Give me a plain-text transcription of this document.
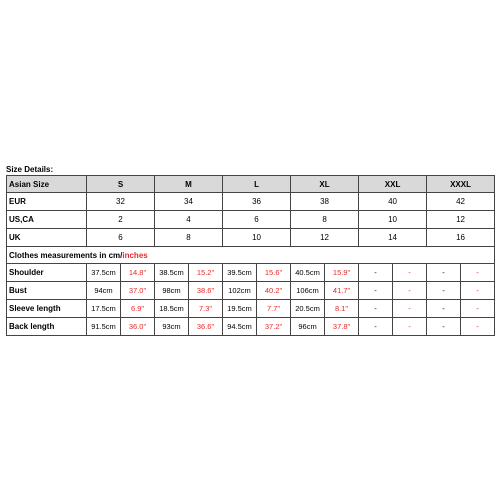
Size Details:
Asian Size	S		M		L		XL		XXL		XXXL	
EUR	32		34		36		38		40		42	
US,CA	2		4		6		8		10		12	
UK	6		8		10		12		14		16	
Clothes measurements in cm/inches												
Shoulder	37.5cm	14.8"	38.5cm	15.2"	39.5cm	15.6"	40.5cm	15.9"	-	-	-	-
Bust	94cm	37.0"	98cm	38.6"	102cm	40.2"	106cm	41.7"	-	-	-	-
Sleeve length	17.5cm	6.9"	18.5cm	7.3"	19.5cm	7.7"	20.5cm	8.1"	-	-	-	-
Back length	91.5cm	36.0"	93cm	36.6"	94.5cm	37.2"	96cm	37.8"	-	-	-	-
